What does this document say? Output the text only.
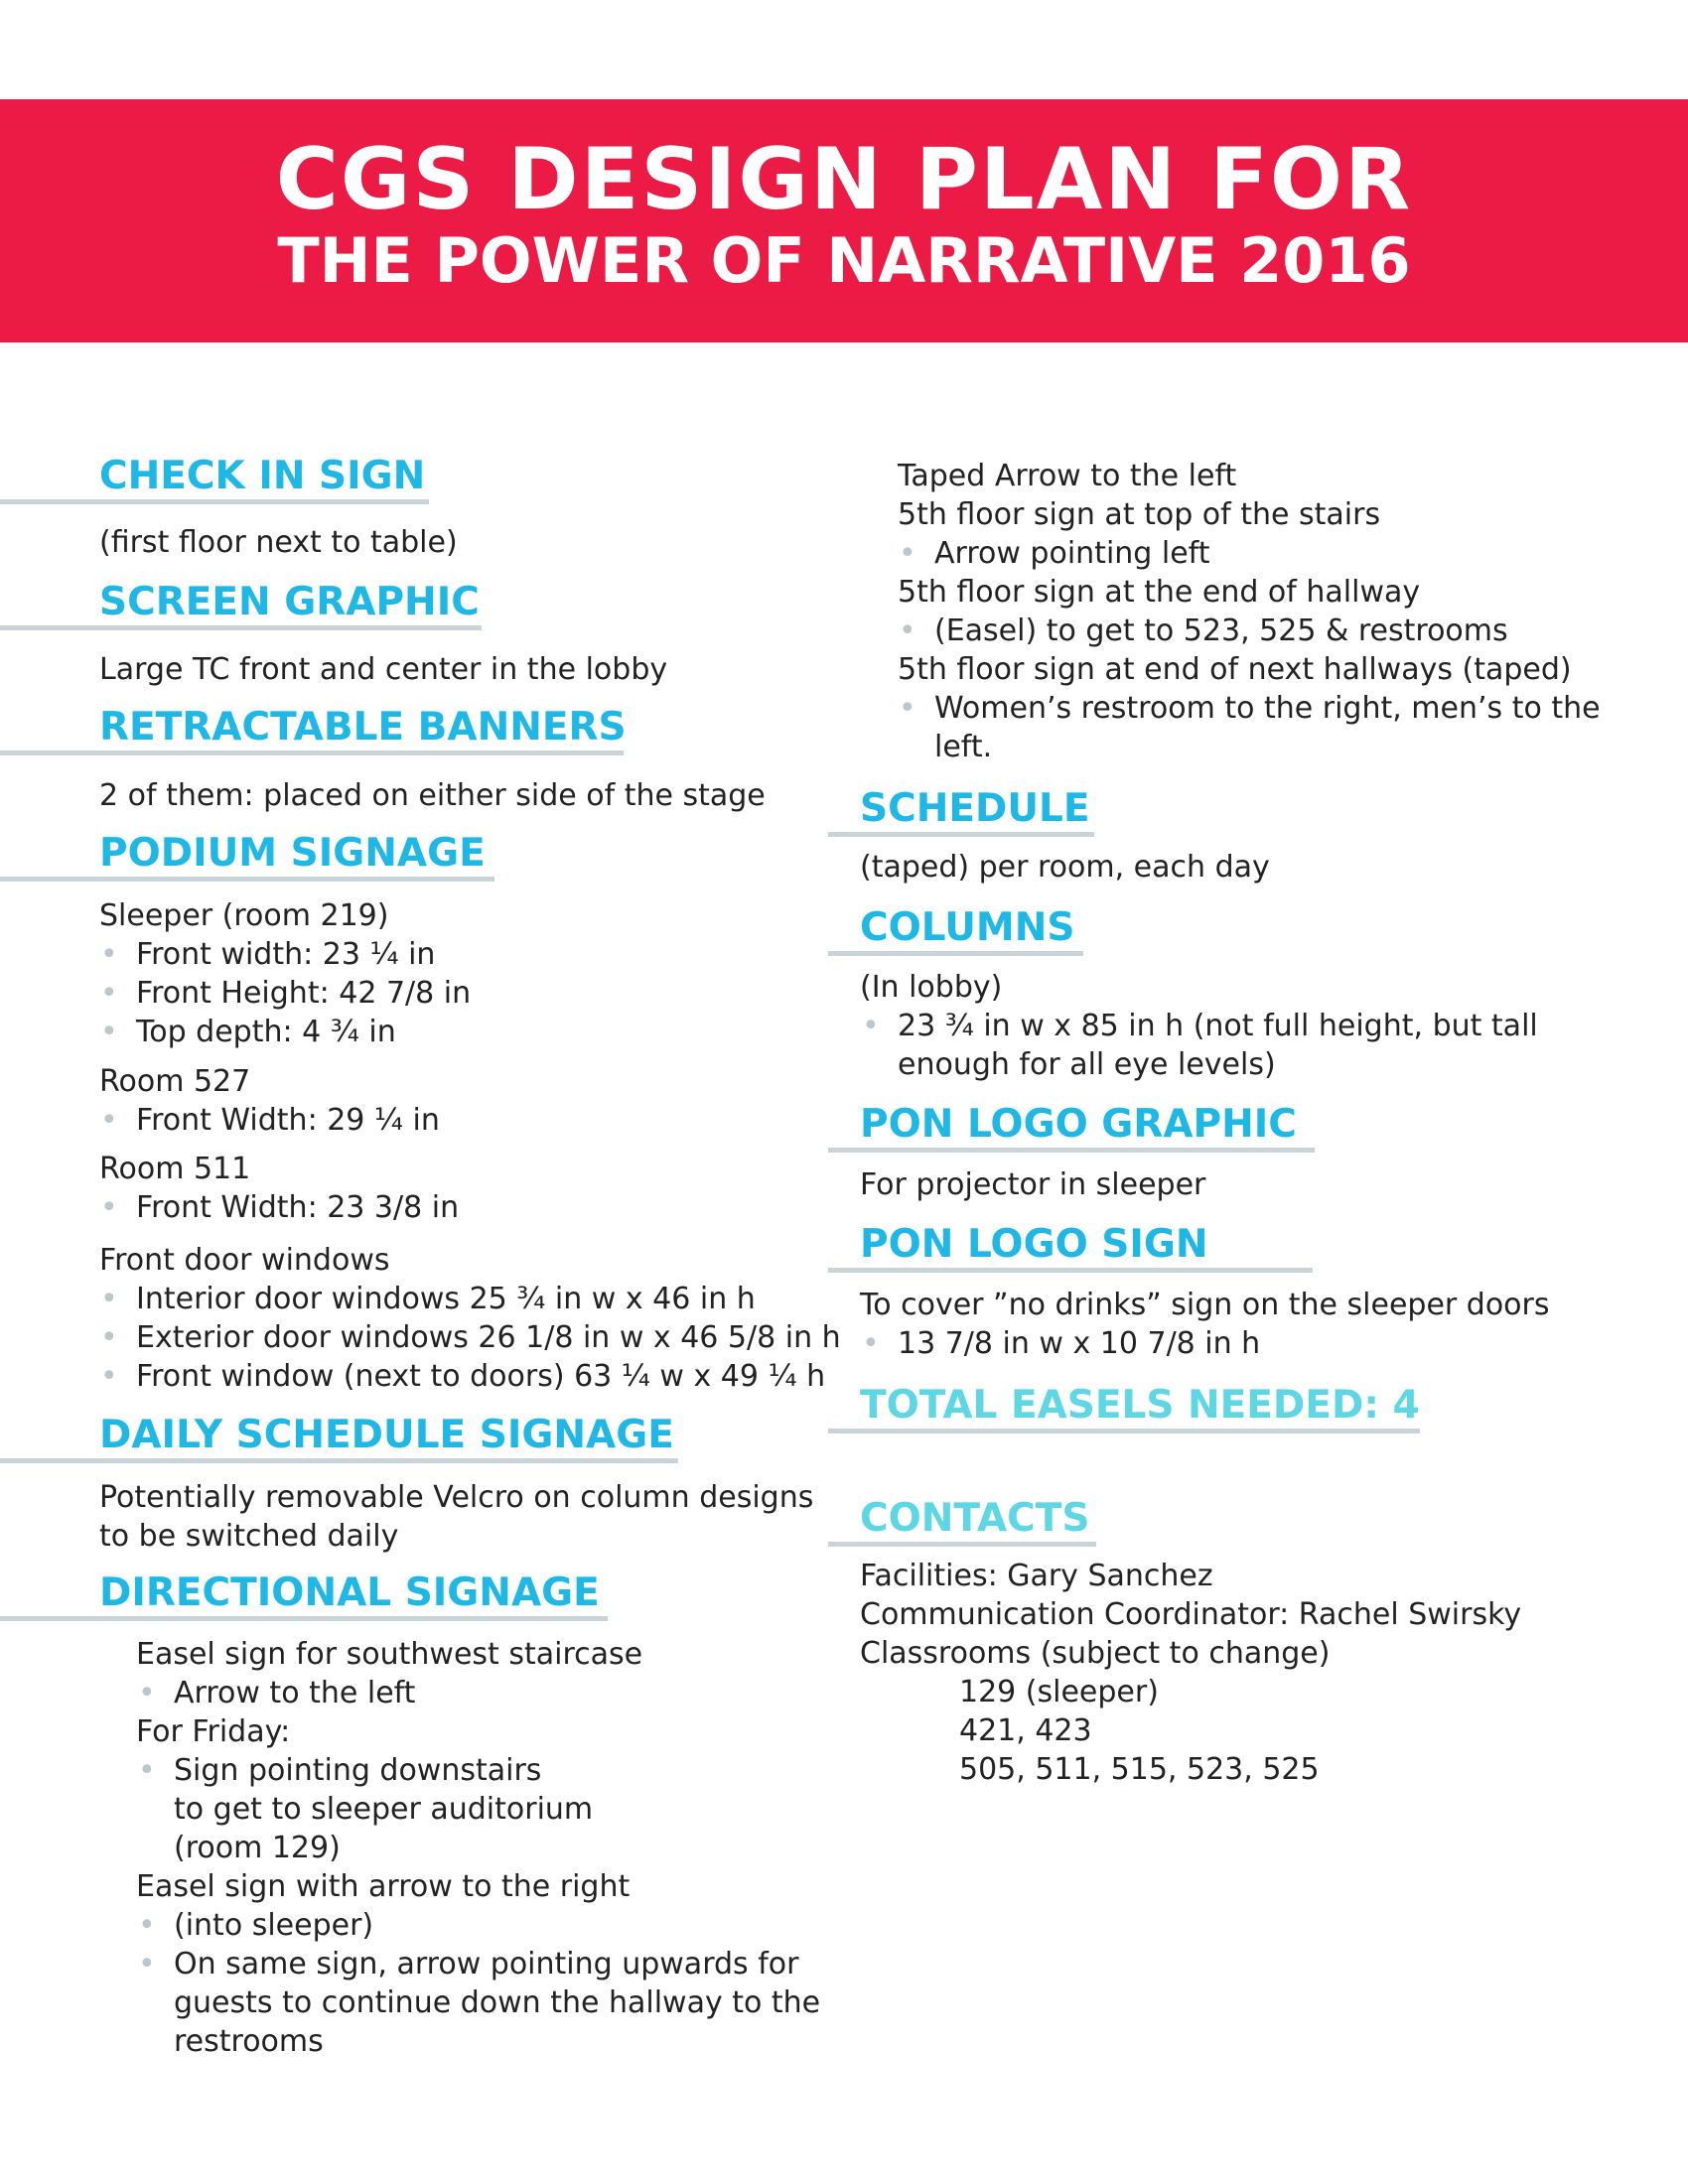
CGS DESIGN PLAN FOR
THE POWER OF NARRATIVE 2016
CHECK IN SIGN
(first floor next to table)
SCREEN GRAPHIC
Large TC front and center in the lobby
RETRACTABLE BANNERS
2 of them: placed on either side of the stage
PODIUM SIGNAGE
Sleeper (room 219)
• Front width: 23 ¼ in
• Front Height: 42 7/8 in
• Top depth: 4 ¾ in
Room 527
• Front Width: 29 ¼ in
Room 511
• Front Width: 23 3/8 in
Front door windows
• Interior door windows 25 ¾ in w x 46 in h
• Exterior door windows 26 1/8 in w x 46 5/8 in h
• Front window (next to doors) 63 ¼ w x 49 ¼ h
DAILY SCHEDULE SIGNAGE
Potentially removable Velcro on column designs
to be switched daily
DIRECTIONAL SIGNAGE
Easel sign for southwest staircase
• Arrow to the left
For Friday:
• Sign pointing downstairs
to get to sleeper auditorium
(room 129)
Easel sign with arrow to the right
• (into sleeper)
• On same sign, arrow pointing upwards for
guests to continue down the hallway to the
restrooms
Taped Arrow to the left
5th floor sign at top of the stairs
• Arrow pointing left
5th floor sign at the end of hallway
• (Easel) to get to 523, 525 & restrooms
5th floor sign at end of next hallways (taped)
• Women’s restroom to the right, men’s to the
left.
SCHEDULE
(taped) per room, each day
COLUMNS
(In lobby)
• 23 ¾ in w x 85 in h (not full height, but tall
enough for all eye levels)
PON LOGO GRAPHIC
For projector in sleeper
PON LOGO SIGN
To cover ”no drinks” sign on the sleeper doors
• 13 7/8 in w x 10 7/8 in h
TOTAL EASELS NEEDED: 4
CONTACTS
Facilities: Gary Sanchez
Communication Coordinator: Rachel Swirsky
Classrooms (subject to change)
129 (sleeper)
421, 423
505, 511, 515, 523, 525
